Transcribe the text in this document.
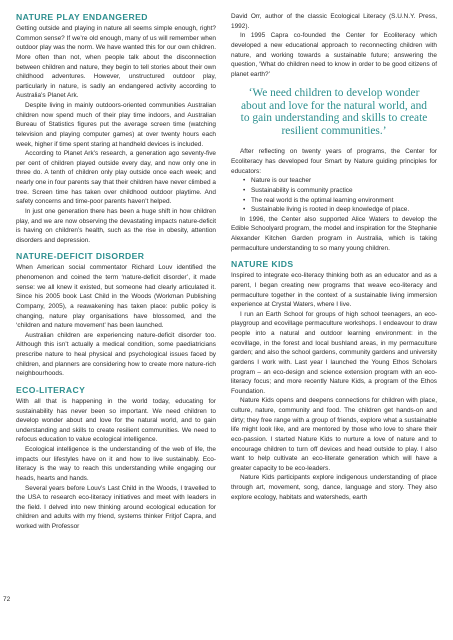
NATURE PLAY ENDANGERED

Getting outside and playing in nature all seems simple enough, right? Common sense? If we’re old enough, many of us will remember when outdoor play was the norm. We have wanted this for our own children. More often than not, when people talk about the disconnection between children and nature, they begin to tell stories about their own childhood adventures. However, unstructured outdoor play, particularly in nature, is sadly an endangered activity according to Australia’s Planet Ark.

Despite living in mainly outdoors-oriented communities Australian children now spend much of their play time indoors, and Australian Bureau of Statistics figures put the average screen time (watching television and playing computer games) at over twenty hours each week, higher if time spent staring at handheld devices is included.

According to Planet Ark’s research, a generation ago seventy-five per cent of children played outside every day, and now only one in three do. A tenth of children only play outside once each week; and nearly one in four parents say that their children have never climbed a tree. Screen time has taken over childhood outdoor playtime. And safety concerns and time-poor parents haven’t helped.

In just one generation there has been a huge shift in how children play, and we are now observing the devastating impacts nature-deficit is having on children’s health, such as the rise in obesity, attention disorders and depression.

NATURE-DEFICIT DISORDER

When American social commentator Richard Louv identified the phenomenon and coined the term ‘nature-deficit disorder’, it made sense: we all knew it existed, but someone had clearly articulated it. Since his 2005 book Last Child in the Woods (Workman Publishing Company, 2005), a reawakening has taken place: public policy is changing, nature play organisations have blossomed, and the ‘children and nature movement’ has been launched.

Australian children are experiencing nature-deficit disorder too. Although this isn’t actually a medical condition, some paediatricians prescribe nature to heal physical and psychological issues faced by children, and planners are considering how to create more nature-rich neighbourhoods.

ECO-LITERACY

With all that is happening in the world today, educating for sustainability has never been so important. We need children to develop wonder about and love for the natural world, and to gain understanding and skills to create resilient communities. We need to refocus education to value ecological intelligence.

Ecological intelligence is the understanding of the web of life, the impacts our lifestyles have on it and how to live sustainably. Eco-literacy is the way to reach this understanding while engaging our heads, hearts and hands.

Several years before Louv’s Last Child in the Woods, I travelled to the USA to research eco-literacy initiatives and meet with leaders in the field. I delved into new thinking around ecological education for children and adults with my friend, systems thinker Fritjof Capra, and worked with Professor

72

David Orr, author of the classic Ecological Literacy (S.U.N.Y. Press, 1992).

In 1995 Capra co-founded the Center for Ecoliteracy which developed a new educational approach to reconnecting children with nature, and working towards a sustainable future; answering the question, ‘What do children need to know in order to be good citizens of planet earth?’

‘We need children to develop wonder about and love for the natural world, and to gain understanding and skills to create resilient communities.’

After reflecting on twenty years of programs, the Center for Ecoliteracy has developed four Smart by Nature guiding principles for educators:

• Nature is our teacher
• Sustainability is community practice
• The real world is the optimal learning environment
• Sustainable living is rooted in deep knowledge of place.

In 1996, the Center also supported Alice Waters to develop the Edible Schoolyard program, the model and inspiration for the Stephanie Alexander Kitchen Garden program in Australia, which is taking permaculture understanding to so many young children.

NATURE KIDS

Inspired to integrate eco-literacy thinking both as an educator and as a parent, I began creating new programs that weave eco-literacy and permaculture together in the context of a sustainable living immersion experience at Crystal Waters, where I live.

I run an Earth School for groups of high school teenagers, an eco-playgroup and ecovillage permaculture workshops. I endeavour to draw people into a natural and outdoor learning environment: in the ecovillage, in the forest and local bushland areas, in my permaculture garden; and also the school gardens, community gardens and university gardens I work with. Last year I launched the Young Ethos Scholars program – an eco-design and science extension program with an eco-literacy focus; and more recently Nature Kids, a program of the Ethos Foundation.

Nature Kids opens and deepens connections for children with place, culture, nature, community and food. The children get hands-on and dirty; they free range with a group of friends, explore what a sustainable life might look like, and are mentored by those who love to share their eco-passion. I started Nature Kids to nurture a love of nature and to encourage children to turn off devices and head outside to play. I also want to help cultivate an eco-literate generation which will have a greater capacity to be eco-leaders.

Nature Kids participants explore indigenous understanding of place through art, movement, song, dance, language and story. They also explore ecology, habitats and watersheds, earth
